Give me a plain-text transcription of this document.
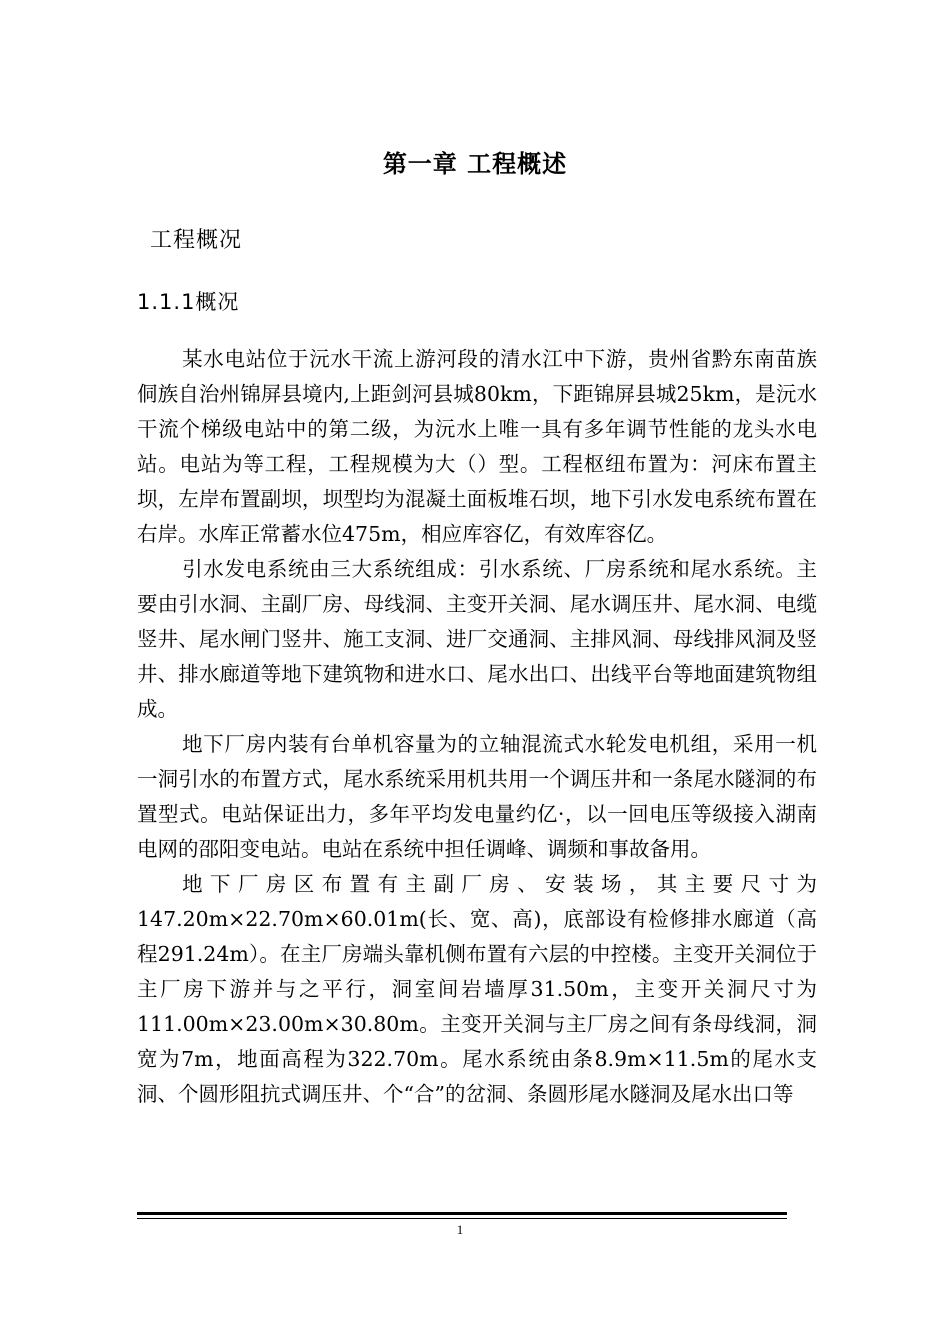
第一章 工程概述
工程概况
1.1.1概况

某水电站位于沅水干流上游河段的清水江中下游，贵州省黔东南苗族侗族自治州锦屏县境内,上距剑河县城80km，下距锦屏县城25km，是沅水干流个梯级电站中的第二级，为沅水上唯一具有多年调节性能的龙头水电站。电站为等工程，工程规模为大（）型。工程枢纽布置为：河床布置主坝，左岸布置副坝，坝型均为混凝土面板堆石坝，地下引水发电系统布置在右岸。水库正常蓄水位475m，相应库容亿，有效库容亿。

引水发电系统由三大系统组成：引水系统、厂房系统和尾水系统。主要由引水洞、主副厂房、母线洞、主变开关洞、尾水调压井、尾水洞、电缆竖井、尾水闸门竖井、施工支洞、进厂交通洞、主排风洞、母线排风洞及竖井、排水廊道等地下建筑物和进水口、尾水出口、出线平台等地面建筑物组成。

地下厂房内装有台单机容量为的立轴混流式水轮发电机组，采用一机一洞引水的布置方式，尾水系统采用机共用一个调压井和一条尾水隧洞的布置型式。电站保证出力，多年平均发电量约亿·，以一回电压等级接入湖南电网的邵阳变电站。电站在系统中担任调峰、调频和事故备用。

地下厂房区布置有主副厂房、安装场，其主要尺寸为147.20m×22.70m×60.01m(长、宽、高)，底部设有检修排水廊道（高程291.24m）。在主厂房端头靠机侧布置有六层的中控楼。主变开关洞位于主厂房下游并与之平行，洞室间岩墙厚31.50m，主变开关洞尺寸为111.00m×23.00m×30.80m。主变开关洞与主厂房之间有条母线洞，洞宽为7m，地面高程为322.70m。尾水系统由条8.9m×11.5m的尾水支洞、个圆形阻抗式调压井、个“合”的岔洞、条圆形尾水隧洞及尾水出口等

1
